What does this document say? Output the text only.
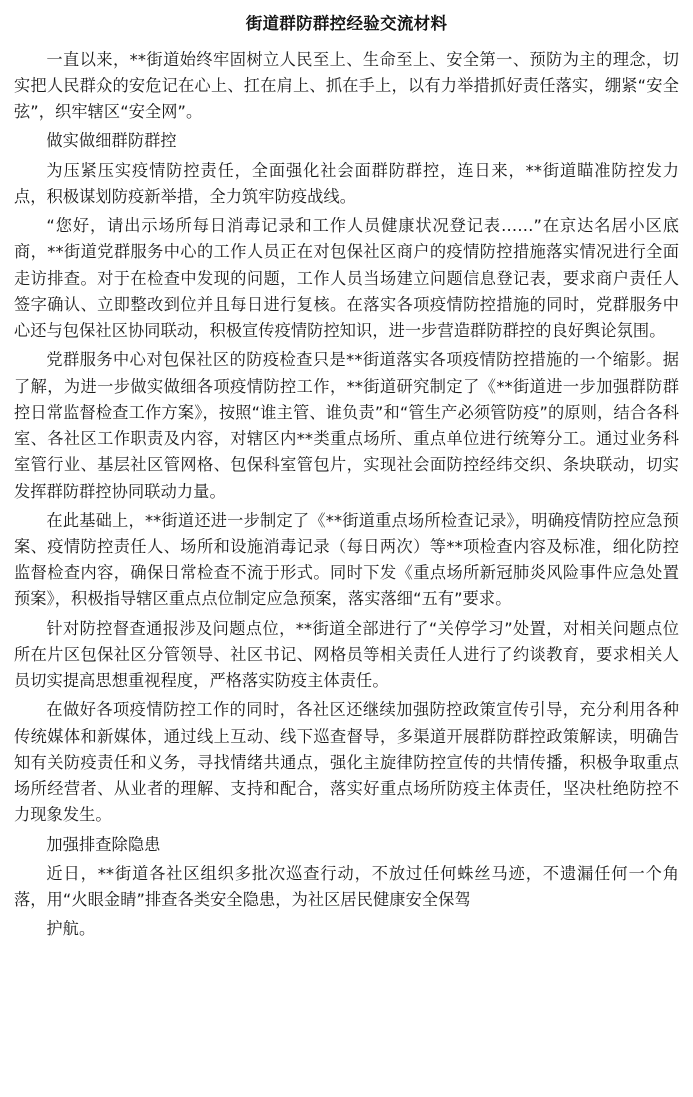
街道群防群控经验交流材料

一直以来，**街道始终牢固树立人民至上、生命至上、安全第一、预防为主的理念，切实把人民群众的安危记在心上、扛在肩上、抓在手上，以有力举措抓好责任落实，绷紧“安全弦”，织牢辖区“安全网”。

做实做细群防群控

为压紧压实疫情防控责任，全面强化社会面群防群控，连日来，**街道瞄准防控发力点，积极谋划防疫新举措，全力筑牢防疫战线。

“您好，请出示场所每日消毒记录和工作人员健康状况登记表……”在京达名居小区底商，**街道党群服务中心的工作人员正在对包保社区商户的疫情防控措施落实情况进行全面走访排查。对于在检查中发现的问题，工作人员当场建立问题信息登记表，要求商户责任人签字确认、立即整改到位并且每日进行复核。在落实各项疫情防控措施的同时，党群服务中心还与包保社区协同联动，积极宣传疫情防控知识，进一步营造群防群控的良好舆论氛围。

党群服务中心对包保社区的防疫检查只是**街道落实各项疫情防控措施的一个缩影。据了解，为进一步做实做细各项疫情防控工作，**街道研究制定了《**街道进一步加强群防群控日常监督检查工作方案》，按照“谁主管、谁负责”和“管生产必须管防疫”的原则，结合各科室、各社区工作职责及内容，对辖区内**类重点场所、重点单位进行统筹分工。通过业务科室管行业、基层社区管网格、包保科室管包片，实现社会面防控经纬交织、条块联动，切实发挥群防群控协同联动力量。

在此基础上，**街道还进一步制定了《**街道重点场所检查记录》，明确疫情防控应急预案、疫情防控责任人、场所和设施消毒记录（每日两次）等**项检查内容及标准，细化防控监督检查内容，确保日常检查不流于形式。同时下发《重点场所新冠肺炎风险事件应急处置预案》，积极指导辖区重点点位制定应急预案，落实落细“五有”要求。

针对防控督查通报涉及问题点位，**街道全部进行了“关停学习”处置，对相关问题点位所在片区包保社区分管领导、社区书记、网格员等相关责任人进行了约谈教育，要求相关人员切实提高思想重视程度，严格落实防疫主体责任。

在做好各项疫情防控工作的同时，各社区还继续加强防控政策宣传引导，充分利用各种传统媒体和新媒体，通过线上互动、线下巡查督导，多渠道开展群防群控政策解读，明确告知有关防疫责任和义务，寻找情绪共通点，强化主旋律防控宣传的共情传播，积极争取重点场所经营者、从业者的理解、支持和配合，落实好重点场所防疫主体责任，坚决杜绝防控不力现象发生。

加强排查除隐患

近日，**街道各社区组织多批次巡查行动，不放过任何蛛丝马迹，不遗漏任何一个角落，用“火眼金睛”排查各类安全隐患，为社区居民健康安全保驾

护航。
